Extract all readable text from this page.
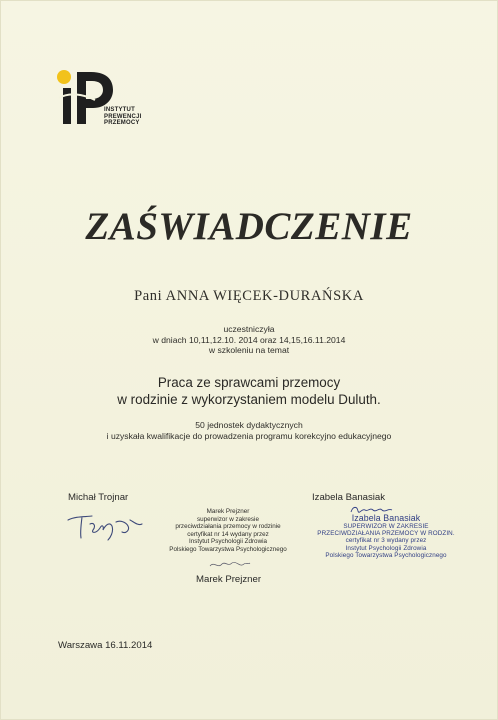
INSTYTUT
PREWENCJI
PRZEMOCY
ZAŚWIADCZENIE
Pani ANNA WIĘCEK-DURAŃSKA
uczestniczyła
w dniach 10,11,12.10. 2014 oraz 14,15,16.11.2014
w szkoleniu na temat
Praca ze sprawcami przemocy
w rodzinie z wykorzystaniem modelu Duluth.
50 jednostek dydaktycznych
i uzyskała kwalifikacje do prowadzenia programu korekcyjno edukacyjnego
Michał Trojnar
Marek Prejzner
superwizor w zakresie
przeciwdziałania przemocy w rodzinie
certyfikat nr 14 wydany przez
Instytut Psychologii Zdrowia
Polskiego Towarzystwa Psychologicznego
Marek Prejzner
Izabela Banasiak
Izabela Banasiak
SUPERWIZOR W ZAKRESIE
PRZECIWDZIAŁANIA PRZEMOCY W RODZIN.
certyfikat nr 3 wydany przez
Instytut Psychologii Zdrowia
Polskiego Towarzystwa Psychologicznego
Warszawa 16.11.2014
